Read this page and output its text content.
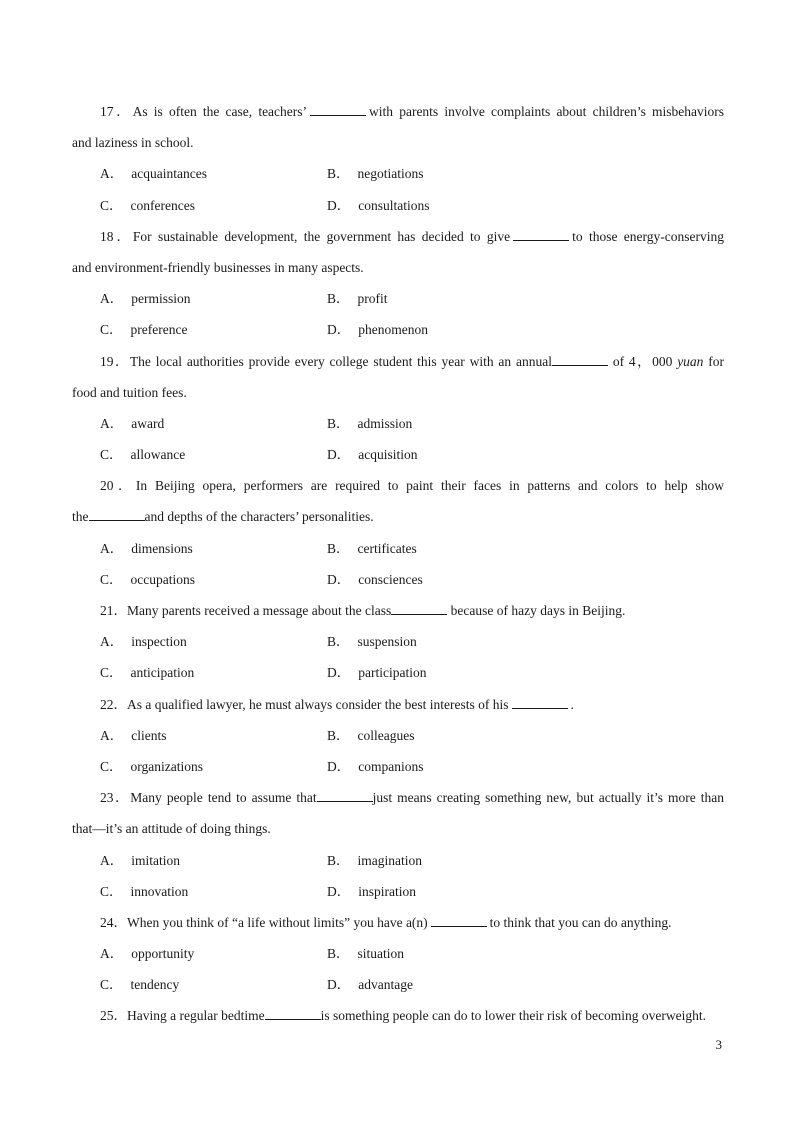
17．As is often the case, teachers’	with parents involve complaints about children’s misbehaviors
and laziness in school.
A． acquaintances	B． negotiations
C． conferences	D． consultations
18．For sustainable development, the government has decided to give	to those energy-conserving
and environment-friendly businesses in many aspects.
A． permission	B． profit
C． preference	D． phenomenon
19．The local authorities provide every college student this year with an annual	of 4，000 yuan for
food and tuition fees.
A． award	B． admission
C． allowance	D． acquisition
20．In Beijing opera, performers are required to paint their faces in patterns and colors to help show
the	and depths of the characters’ personalities.
A． dimensions	B． certificates
C． occupations	D． consciences
21．Many parents received a message about the class	because of hazy days in Beijing.
A． inspection	B． suspension
C． anticipation	D． participation
22．As a qualified lawyer, he must always consider the best interests of his	.
A． clients	B． colleagues
C． organizations	D． companions
23．Many people tend to assume that	just means creating something new, but actually it’s more than
that—it’s an attitude of doing things.
A． imitation	B． imagination
C． innovation	D． inspiration
24．When you think of “a life without limits” you have a(n)	to think that you can do anything.
A． opportunity	B． situation
C． tendency	D． advantage
25．Having a regular bedtime	is something people can do to lower their risk of becoming overweight.
3
